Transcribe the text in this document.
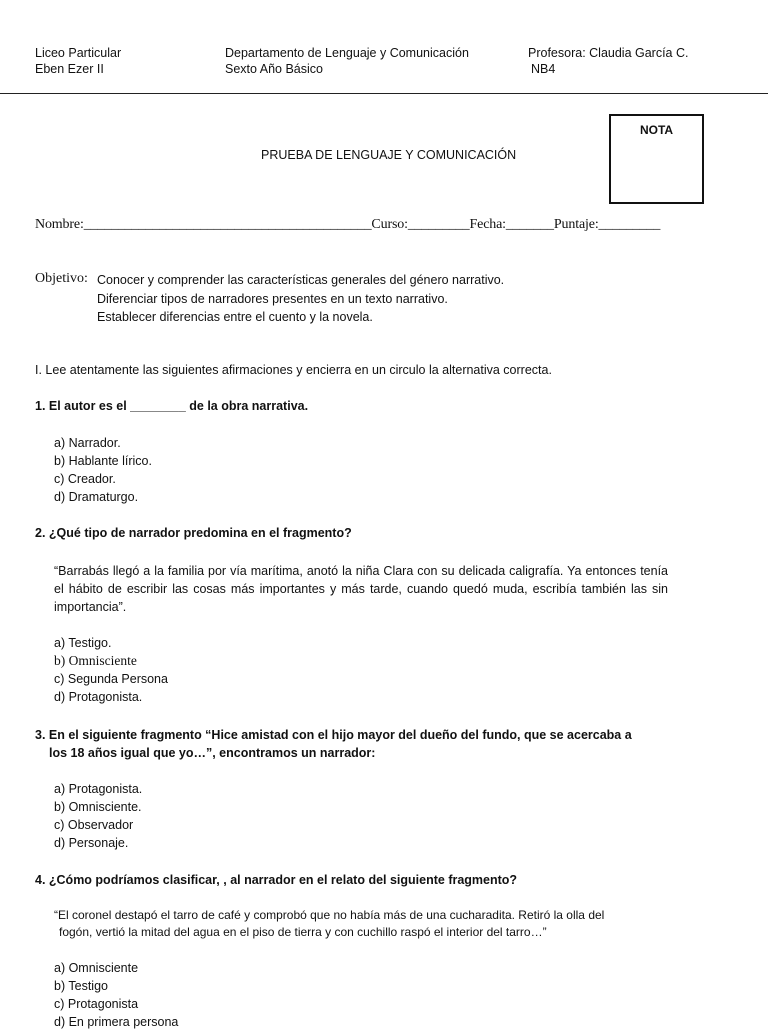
Liceo Particular
Eben Ezer II
Departamento de Lenguaje y Comunicación
Sexto Año Básico
Profesora: Claudia García C.
NB4
NOTA
PRUEBA DE LENGUAJE Y COMUNICACIÓN
Nombre:__________________________________________Curso:_________Fecha:_______Puntaje:_________
Objetivo: Conocer y comprender las características generales del género narrativo.
Diferenciar tipos de narradores presentes en un texto narrativo.
Establecer diferencias entre el cuento y la novela.
I. Lee atentamente las siguientes afirmaciones y encierra en un circulo la alternativa correcta.
1. El autor es el ________ de la obra narrativa.
a) Narrador.
b) Hablante lírico.
c) Creador.
d) Dramaturgo.
2. ¿Qué tipo de narrador predomina en el fragmento?
“Barrabás llegó a la familia por vía marítima, anotó la niña Clara con su delicada caligrafía. Ya entonces tenía el hábito de escribir las cosas más importantes y más tarde, cuando quedó muda, escribía también las sin importancia”.
a) Testigo.
b) Omnisciente
c) Segunda Persona
d) Protagonista.
3. En el siguiente fragmento “Hice amistad con el hijo mayor del dueño del fundo, que se acercaba a
los 18 años igual que yo…”, encontramos un narrador:
a) Protagonista.
b) Omnisciente.
c) Observador
d) Personaje.
4. ¿Cómo podríamos clasificar, , al narrador en el relato del siguiente fragmento?
“El coronel destapó el tarro de café y comprobó que no había más de una cucharadita. Retiró la olla del
fogón, vertió la mitad del agua en el piso de tierra y con cuchillo raspó el interior del tarro…”
a) Omnisciente
b) Testigo
c) Protagonista
d) En primera persona
